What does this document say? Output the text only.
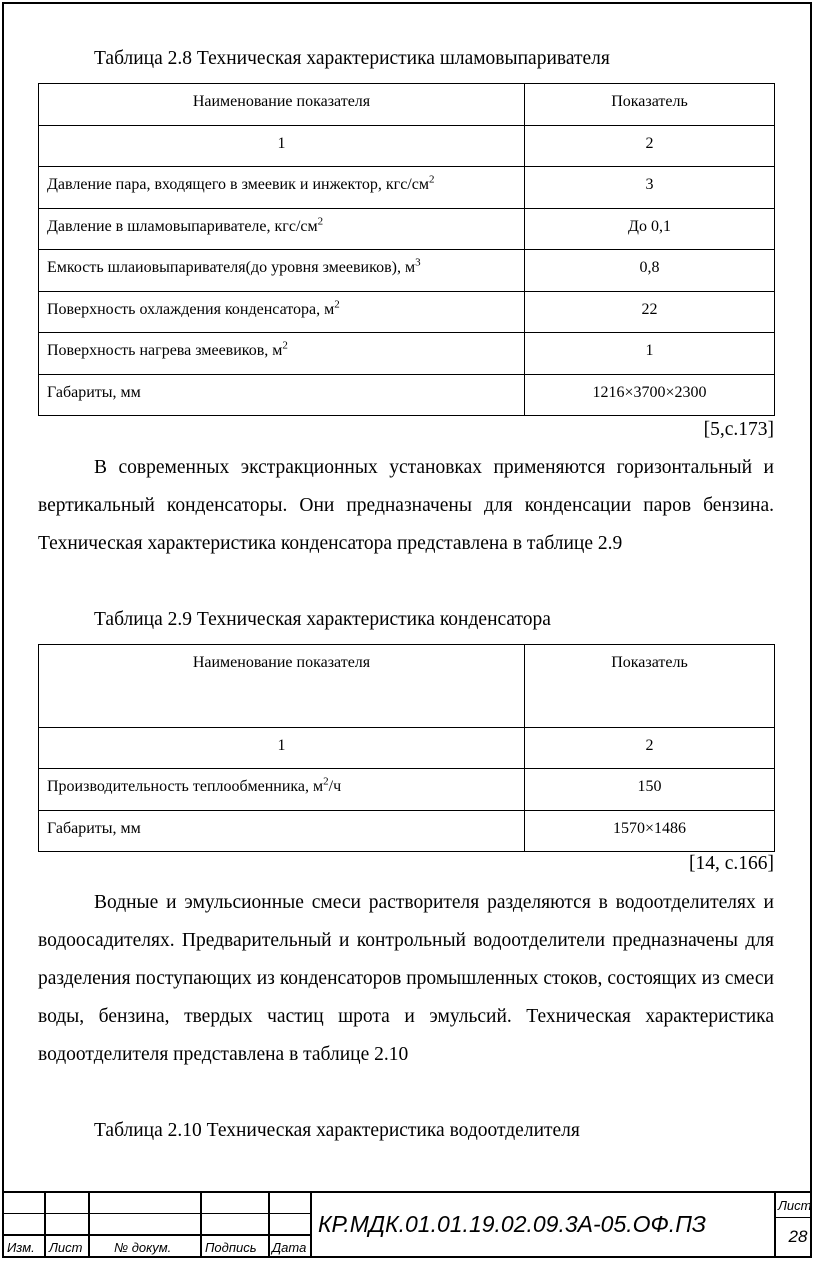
Таблица 2.8 Техническая характеристика шламовыпаривателя
Наименование показателя	Показатель
1	2
Давление пара, входящего в змеевик и инжектор, кгс/$см^2$	3
Давление в шламовыпаривателе, кгс/$см^2$	До 0,1
Емкость шлаиовыпаривателя(до уровня змеевиков), $м^3$	0,8
Поверхность охлаждения конденсатора, $м^2$	22
Поверхность нагрева змеевиков, $м^2$	1
Габариты, мм	1216×3700×2300
[5,с.173]

В современных экстракционных установках применяются горизонтальный и вертикальный конденсаторы. Они предназначены для конденсации паров бензина. Техническая характеристика конденсатора представлена в таблице 2.9

Таблица 2.9 Техническая характеристика конденсатора
Наименование показателя	Показатель
1	2
Производительность теплообменника, $м^2/ч$	150
Габариты, мм	1570×1486
[14, с.166]

Водные и эмульсионные смеси растворителя разделяются в водоотделителях и водоосадителях. Предварительный и контрольный водоотделители предназначены для разделения поступающих из конденсаторов промышленных стоков, состоящих из смеси воды, бензина, твердых частиц шрота и эмульсий. Техническая характеристика водоотделителя представлена в таблице 2.10

Таблица 2.10 Техническая характеристика водоотделителя
Изм. Лист № докум.	Подпись Дата
КР.МДК.01.01.19.02.09.3А-05.ОФ.ПЗ
Лист
28
